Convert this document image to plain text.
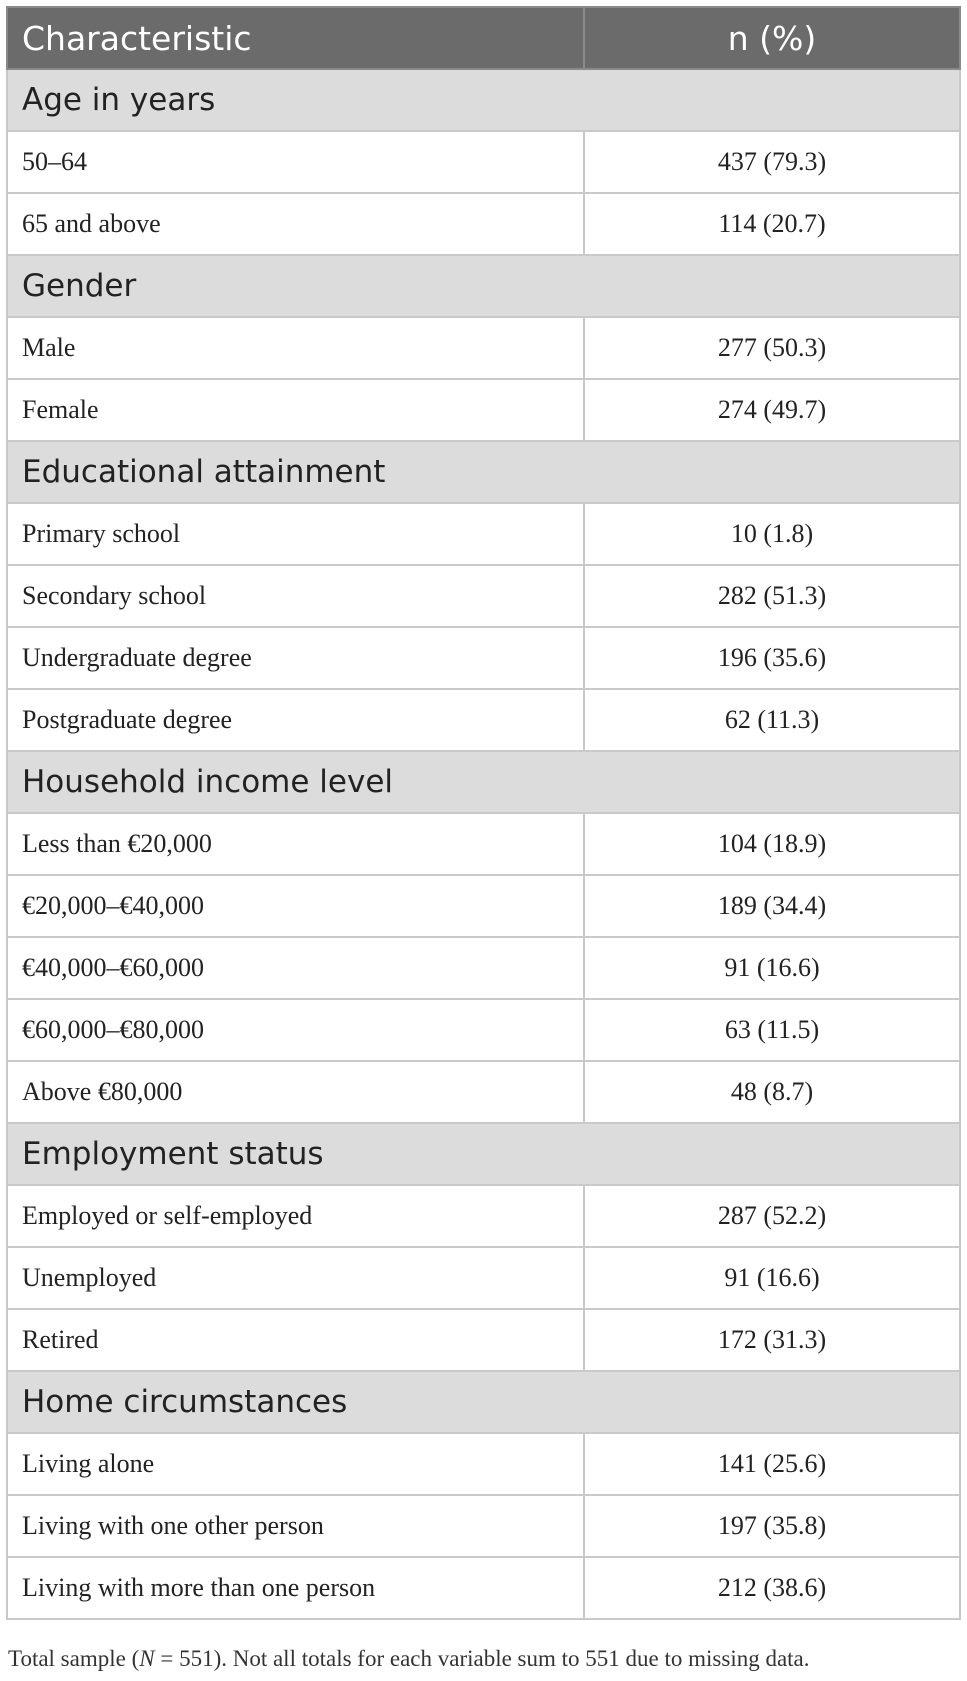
Characteristic	n (%)
Age in years	
50–64	437 (79.3)
65 and above	114 (20.7)
Gender	
Male	277 (50.3)
Female	274 (49.7)
Educational attainment	
Primary school	10 (1.8)
Secondary school	282 (51.3)
Undergraduate degree	196 (35.6)
Postgraduate degree	62 (11.3)
Household income level	
Less than €20,000	104 (18.9)
€20,000–€40,000	189 (34.4)
€40,000–€60,000	91 (16.6)
€60,000–€80,000	63 (11.5)
Above €80,000	48 (8.7)
Employment status	
Employed or self-employed	287 (52.2)
Unemployed	91 (16.6)
Retired	172 (31.3)
Home circumstances	
Living alone	141 (25.6)
Living with one other person	197 (35.8)
Living with more than one person	212 (38.6)
Total sample (N = 551). Not all totals for each variable sum to 551 due to missing data.
